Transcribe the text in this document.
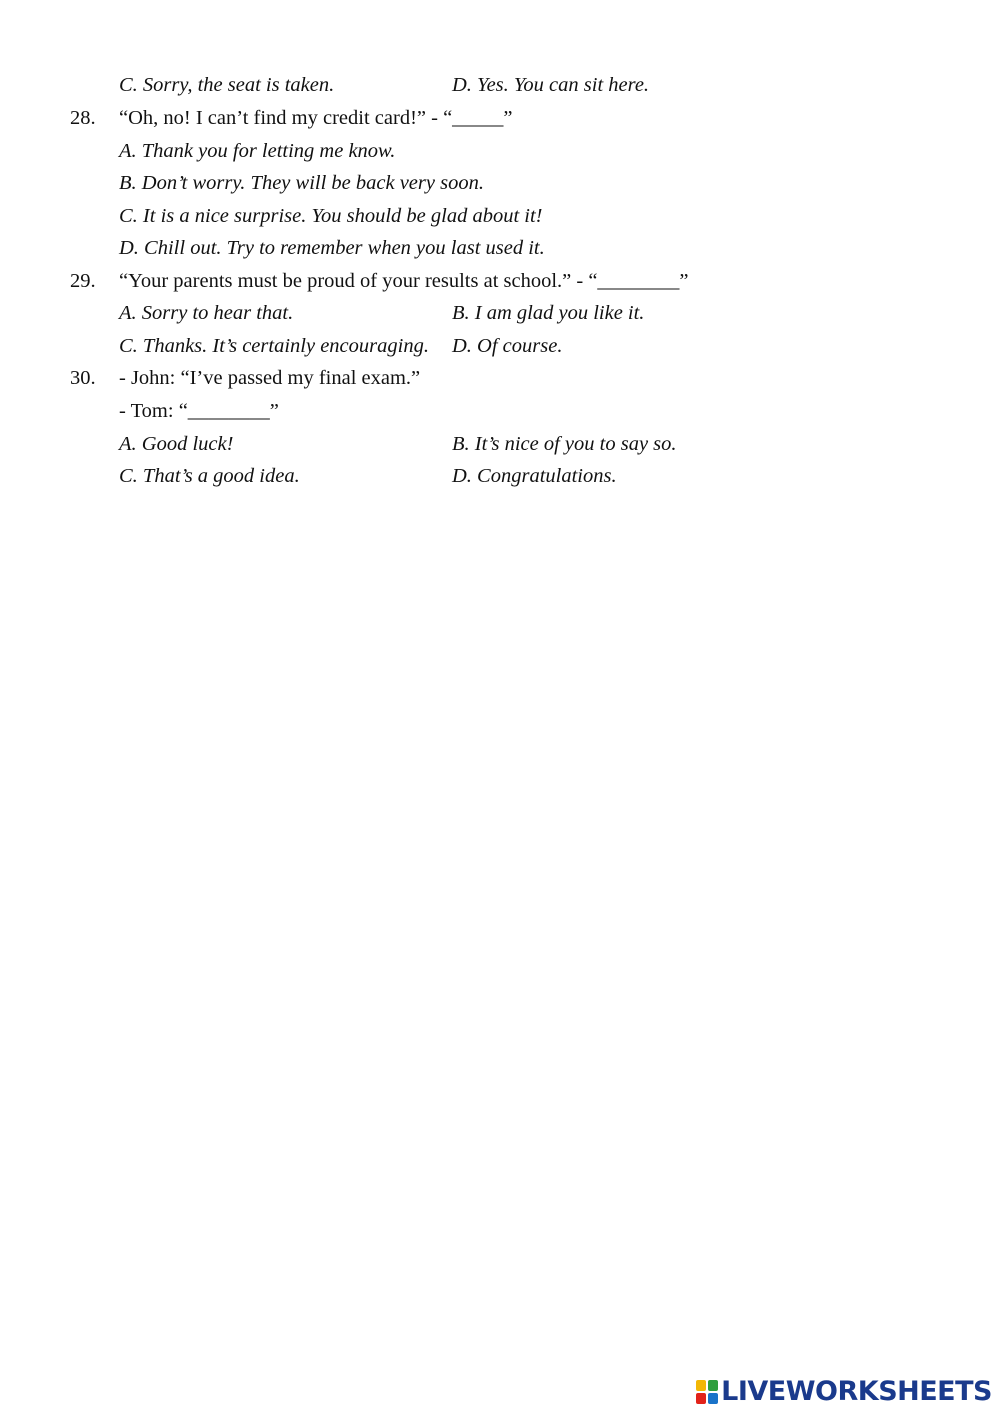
C. Sorry, the seat is taken.	D. Yes. You can sit here.
28. “Oh, no! I can’t find my credit card!” - “_____”
A. Thank you for letting me know.
B. Don’t worry. They will be back very soon.
C. It is a nice surprise. You should be glad about it!
D. Chill out. Try to remember when you last used it.
29. “Your parents must be proud of your results at school.” - “________”
A. Sorry to hear that.	B. I am glad you like it.
C. Thanks. It’s certainly encouraging. D. Of course.
30. - John: “I’ve passed my final exam.”
- Tom: “________”
A. Good luck!	B. It’s nice of you to say so.
C. That’s a good idea.	D. Congratulations.
LIVEWORKSHEETS
